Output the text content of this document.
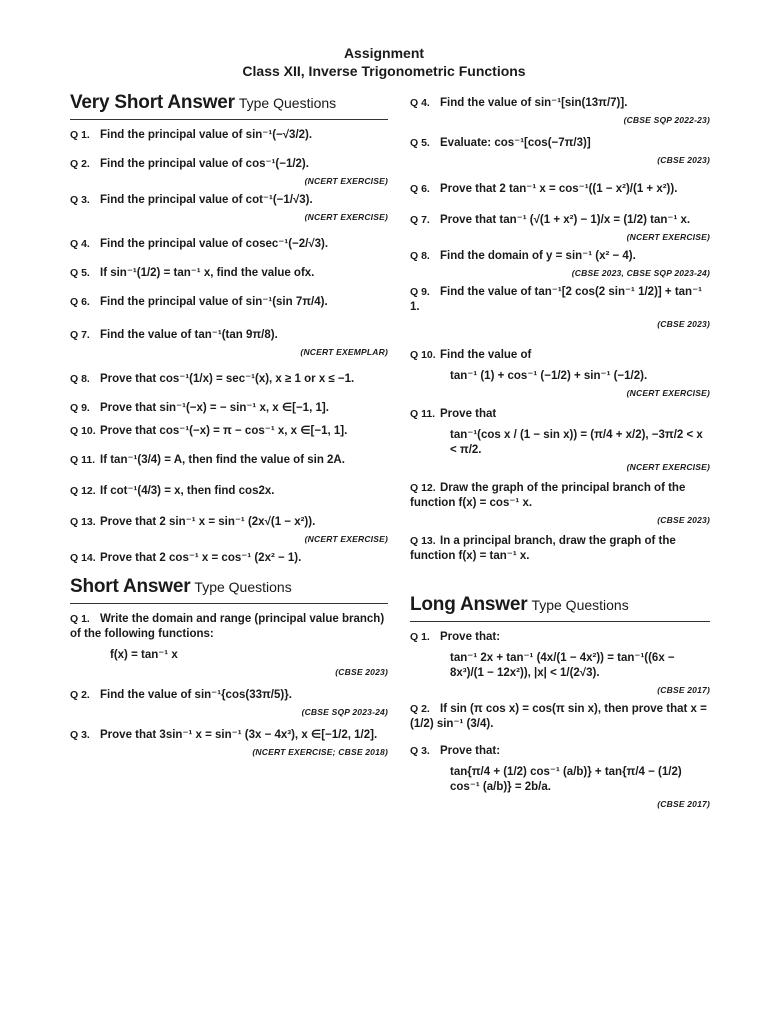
Assignment
Class XII, Inverse Trigonometric Functions
Very Short Answer Type Questions
Q 1. Find the principal value of sin⁻¹(−√3/2).
Q 2. Find the principal value of cos⁻¹(−1/2).
(NCERT EXERCISE)
Q 3. Find the principal value of cot⁻¹(−1/√3).
(NCERT EXERCISE)
Q 4. Find the principal value of cosec⁻¹(−2/√3).
Q 5. If sin⁻¹(1/2) = tan⁻¹ x, find the value ofx.
Q 6. Find the principal value of sin⁻¹(sin 7π/4).
Q 7. Find the value of tan⁻¹(tan 9π/8).
(NCERT EXEMPLAR)
Q 8. Prove that cos⁻¹(1/x) = sec⁻¹(x), x ≥ 1 or x ≤ −1.
Q 9. Prove that sin⁻¹(−x) = − sin⁻¹ x, x ∈[−1, 1].
Q 10. Prove that cos⁻¹(−x) = π − cos⁻¹ x, x ∈[−1, 1].
Q 11. If tan⁻¹(3/4) = A, then find the value of sin 2A.
Q 12. If cot⁻¹(4/3) = x, then find cos2x.
Q 13. Prove that 2 sin⁻¹ x = sin⁻¹ (2x√(1 − x²)).
(NCERT EXERCISE)
Q 14. Prove that 2 cos⁻¹ x = cos⁻¹ (2x² − 1).
Short Answer Type Questions
Q 1. Write the domain and range (principal value branch) of the following functions:
f(x) = tan⁻¹ x
(CBSE 2023)
Q 2. Find the value of sin⁻¹{cos(33π/5)}.
(CBSE SQP 2023-24)
Q 3. Prove that 3sin⁻¹ x = sin⁻¹ (3x − 4x³), x ∈[−1/2, 1/2].
(NCERT EXERCISE; CBSE 2018)
Q 4. Find the value of sin⁻¹[sin(13π/7)].
(CBSE SQP 2022-23)
Q 5. Evaluate: cos⁻¹[cos(−7π/3)]
(CBSE 2023)
Q 6. Prove that 2 tan⁻¹ x = cos⁻¹((1 − x²)/(1 + x²)).
Q 7. Prove that tan⁻¹ (√(1 + x²) − 1)/x = (1/2) tan⁻¹ x.
(NCERT EXERCISE)
Q 8. Find the domain of y = sin⁻¹ (x² − 4).
(CBSE 2023, CBSE SQP 2023-24)
Q 9. Find the value of tan⁻¹[2 cos(2 sin⁻¹ 1/2)] + tan⁻¹ 1.
(CBSE 2023)
Q 10. Find the value of
tan⁻¹ (1) + cos⁻¹ (−1/2) + sin⁻¹ (−1/2).
(NCERT EXERCISE)
Q 11. Prove that
tan⁻¹(cos x / (1 − sin x)) = (π/4 + x/2), −3π/2 < x < π/2.
(NCERT EXERCISE)
Q 12. Draw the graph of the principal branch of the function f(x) = cos⁻¹ x.
(CBSE 2023)
Q 13. In a principal branch, draw the graph of the function f(x) = tan⁻¹ x.
Long Answer Type Questions
Q 1. Prove that:
tan⁻¹ 2x + tan⁻¹ (4x/(1 − 4x²)) = tan⁻¹((6x − 8x³)/(1 − 12x²)), |x| < 1/(2√3).
(CBSE 2017)
Q 2. If sin (π cos x) = cos(π sin x), then prove that x = (1/2) sin⁻¹ (3/4).
Q 3. Prove that:
tan{π/4 + (1/2) cos⁻¹ (a/b)} + tan{π/4 − (1/2) cos⁻¹ (a/b)} = 2b/a.
(CBSE 2017)
